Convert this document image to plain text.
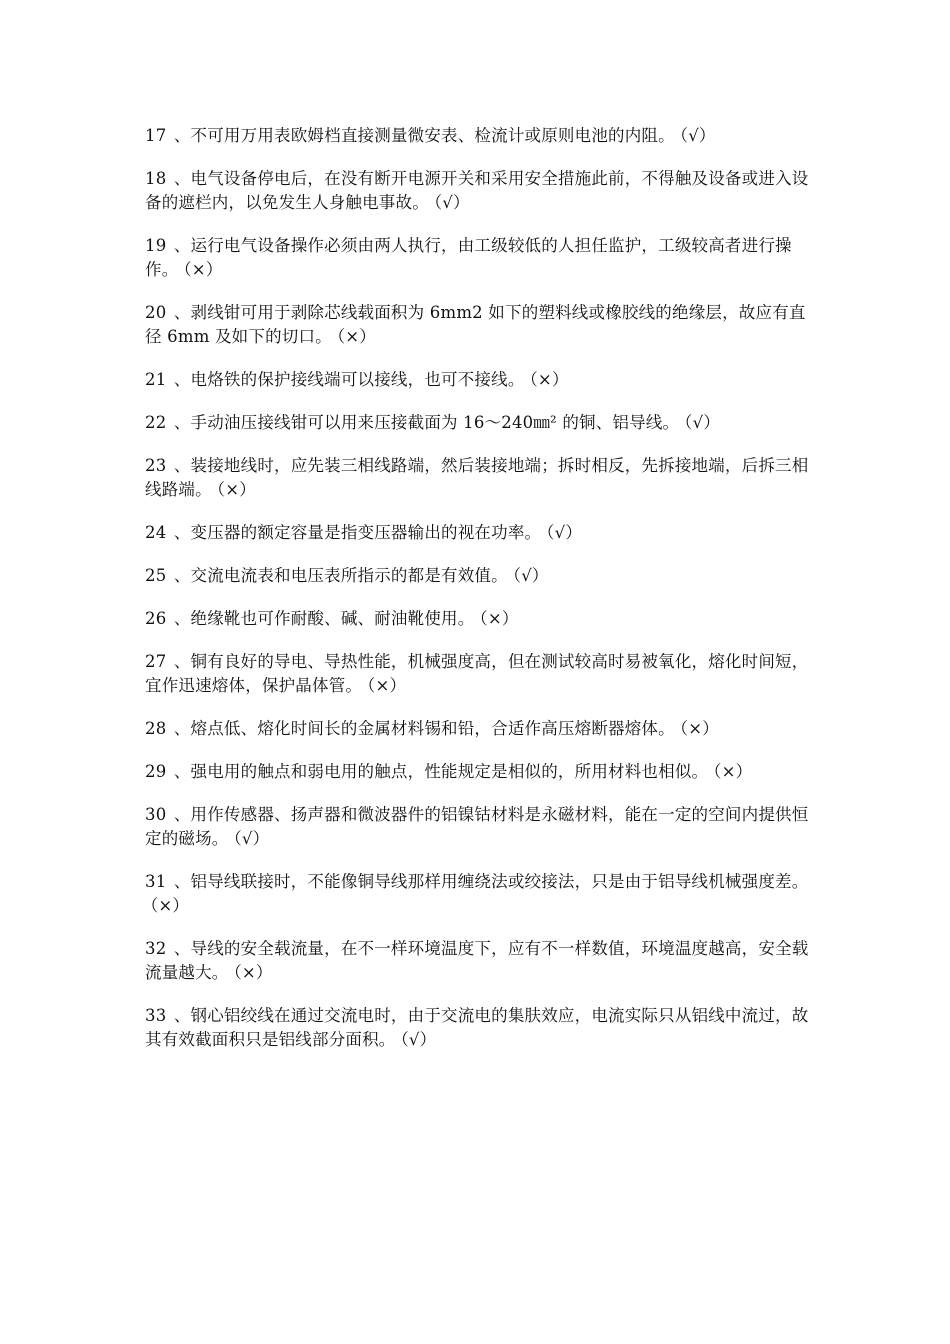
17 、不可用万用表欧姆档直接测量微安表、检流计或原则电池的内阻。 （√）

18 、电气设备停电后，在没有断开电源开关和采用安全措施此前，不得触及设备或进入设备的遮栏内，以免发生人身触电事故。 （√）

19 、运行电气设备操作必须由两人执行，由工级较低的人担任监护，工级较高者进行操作。 （×）

20 、剥线钳可用于剥除芯线载面积为 6mm2 如下的塑料线或橡胶线的绝缘层，故应有直径 6mm 及如下的切口。 （×）

21 、电烙铁的保护接线端可以接线，也可不接线。 （×）

22 、手动油压接线钳可以用来压接截面为 16～240㎜² 的铜、铝导线。 （√）

23 、装接地线时，应先装三相线路端，然后装接地端；拆时相反，先拆接地端，后拆三相线路端。 （×）

24 、变压器的额定容量是指变压器输出的视在功率。 （√）

25 、交流电流表和电压表所指示的都是有效值。 （√）

26 、绝缘靴也可作耐酸、碱、耐油靴使用。 （×）

27 、铜有良好的导电、导热性能，机械强度高，但在测试较高时易被氧化，熔化时间短，宜作迅速熔体，保护晶体管。 （×）

28 、熔点低、熔化时间长的金属材料锡和铅，合适作高压熔断器熔体。 （×）

29 、强电用的触点和弱电用的触点，性能规定是相似的，所用材料也相似。 （×）

30 、用作传感器、扬声器和微波器件的铝镍钴材料是永磁材料，能在一定的空间内提供恒定的磁场。 （√）

31 、铝导线联接时，不能像铜导线那样用缠绕法或绞接法，只是由于铝导线机械强度差。（×）

32 、导线的安全载流量，在不一样环境温度下，应有不一样数值，环境温度越高，安全载流量越大。 （×）

33 、钢心铝绞线在通过交流电时，由于交流电的集肤效应，电流实际只从铝线中流过，故其有效截面积只是铝线部分面积。 （√）
